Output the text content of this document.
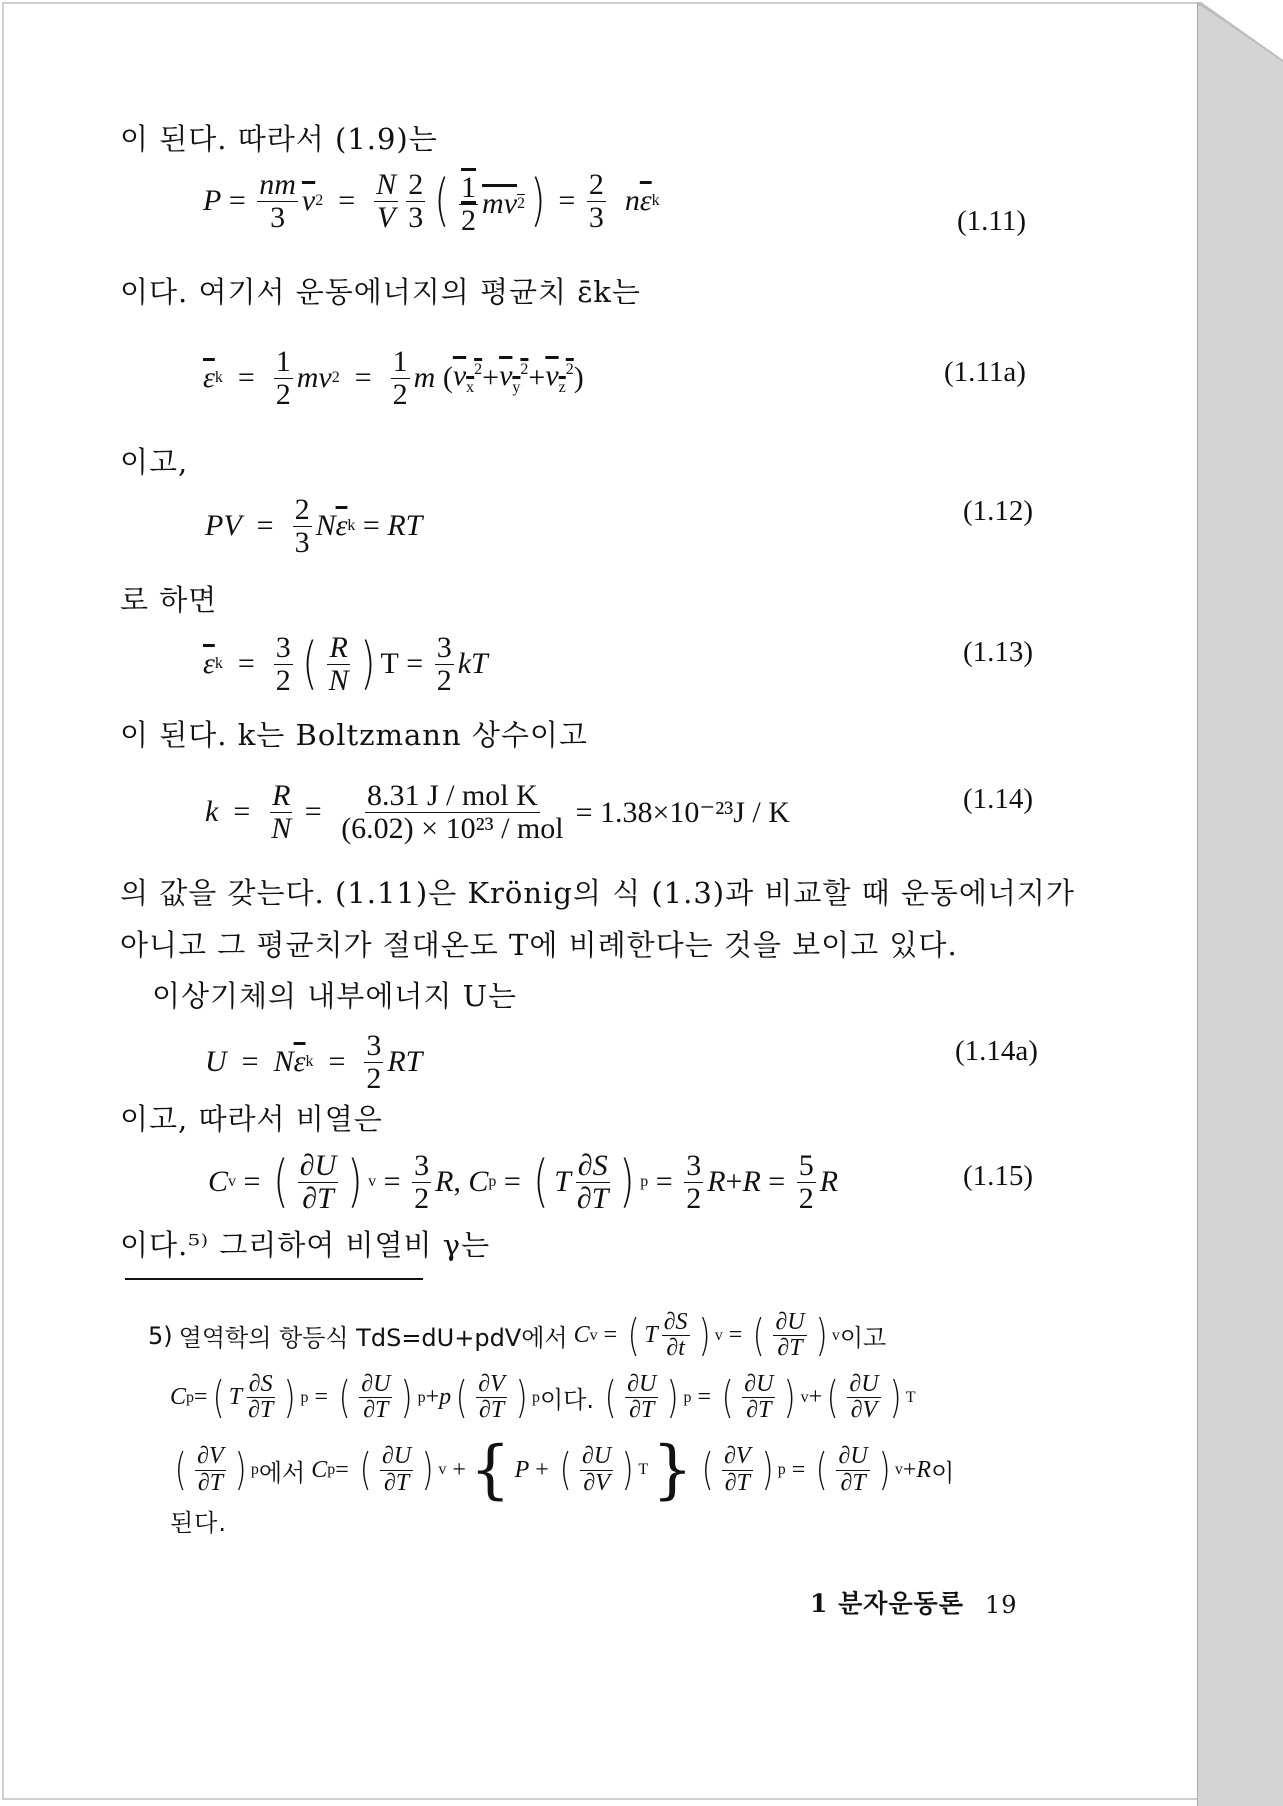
이 된다. 따라서 (1.9)는
$P = \frac{nm}{3} \overline{v}$ $2 = \frac{N}{V} \frac{2}{3}$ ( $\frac{1}{2}$ mv 2 ) = $\frac{2}{3}$
n $\overline{\varepsilon}$ k
(1.11)
이다. 여기서 운동에너지의 평균치 ε̄k는
$\overline{\varepsilon}$ $k = \frac{1}{2}$ mv $2 = \frac{1}{2}$ m ( $v_x^2 + v_y^2 + v_z^2$ )	(1.11a)
이고,
PV = $\frac{2}{3}$ N $\overline{\varepsilon}$ k = RT	(1.12)
로 하면
$\overline{\varepsilon}$ $k = \frac{3}{2}$ ( $\frac{R}{N}$ ) $T = \frac{3}{2}$ kT	(1.13)
이 된다. k는 Boltzmann 상수이고
$k = \frac{R}{N} = \frac{\text{8.31 J / mol K}}{\text{(6.02) × 10²³ / mol}} = 1.38\times 10^{-23}J / K$	(1.14)
의 값을 갖는다. (1.11)은 Krönig의 식 (1.3)과 비교할 때 운동에너지가
아니고 그 평균치가 절대온도 T에 비례한다는 것을 보이고 있다.
이상기체의 내부에너지 U는
U = N $\overline{\varepsilon}$ $k = \frac{3}{2}$ RT	(1.14a)
이고, 따라서 비열은
C v = ( $\frac{\partial U}{\partial T}$ ) $v = \frac{3}{2}$ R , C p = ( T $\frac{\partial S}{\partial T}$ ) $p = \frac{3}{2}$ $R + R = \frac{5}{2}$ R	(1.15)
이다.⁵⁾ 그리하여 비열비 γ는
5)
열역학의 항등식 TdS=dU+pdV에서
C v = ( T $\frac{\partial S}{\partial t}$ ) v = ( $\frac{\partial U}{\partial T}$ ) v 이고
C p = ( T $\frac{\partial S}{\partial T}$ ) p = ( $\frac{\partial U}{\partial T}$ ) p + p ( $\frac{\partial V}{\partial T}$ ) p 이다.
( $\frac{\partial U}{\partial T}$ ) p = ( $\frac{\partial U}{\partial T}$ ) v + ( $\frac{\partial U}{\partial V}$ ) T
( $\frac{\partial V}{\partial T}$ ) p 에서
C p = ( $\frac{\partial U}{\partial T}$ ) v + { P + ( $\frac{\partial U}{\partial V}$ ) T } ( $\frac{\partial V}{\partial T}$ ) p = ( $\frac{\partial U}{\partial T}$ ) v + R 이
된다.
1 분자운동론 19
